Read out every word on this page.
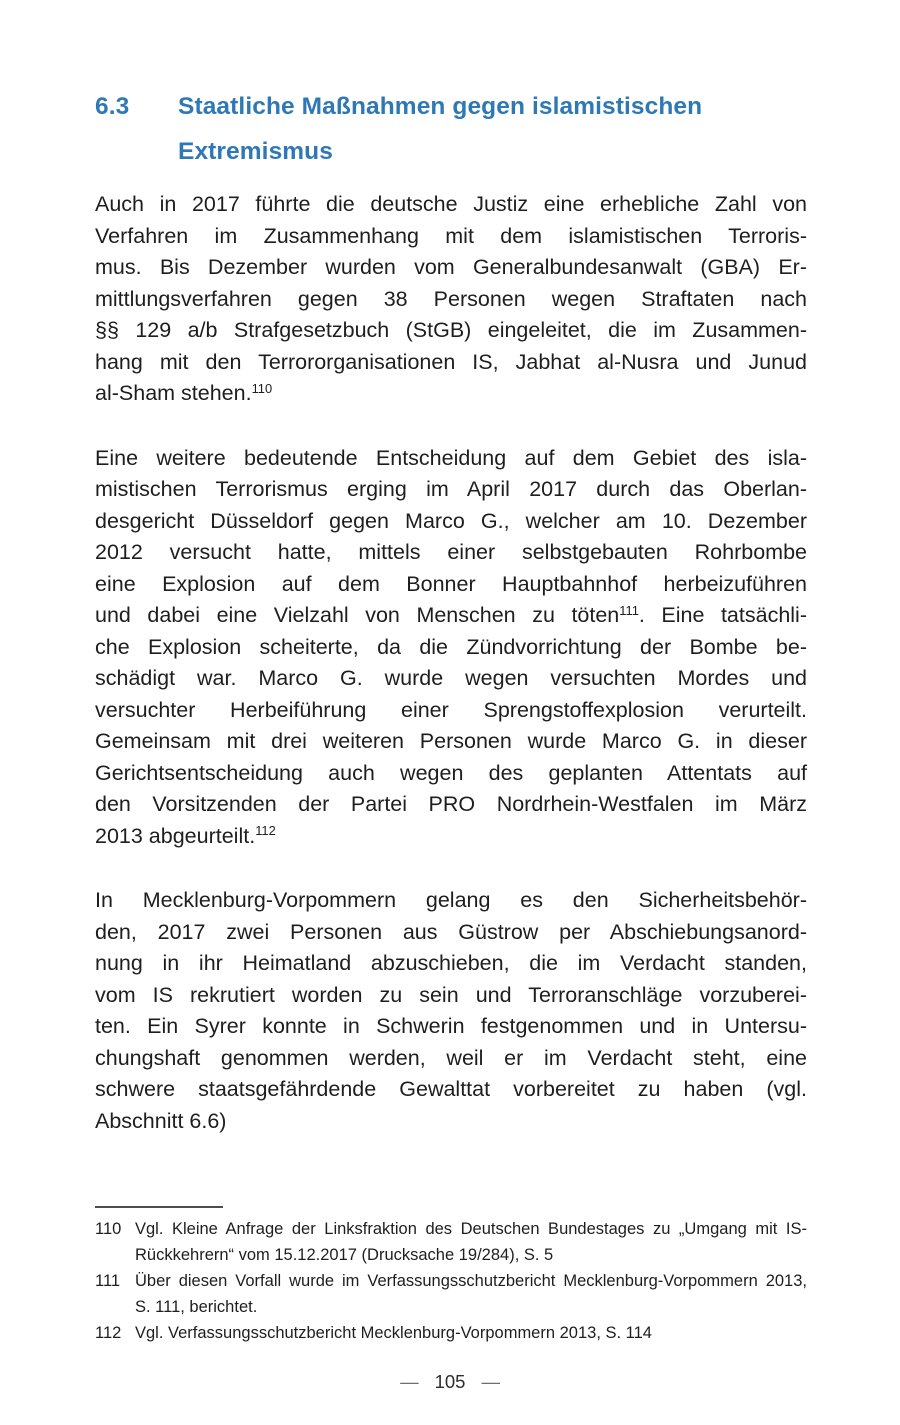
6.3 Staatliche Maßnahmen gegen islamistischen
Extremismus
Auch in 2017 führte die deutsche Justiz eine erhebliche Zahl von
Verfahren im Zusammenhang mit dem islamistischen Terroris-
mus. Bis Dezember wurden vom Generalbundesanwalt (GBA) Er-
mittlungsverfahren gegen 38 Personen wegen Straftaten nach
§§ 129 a/b Strafgesetzbuch (StGB) eingeleitet, die im Zusammen-
hang mit den Terrororganisationen IS, Jabhat al-Nusra und Junud
al-Sham stehen.$^{110}$
Eine weitere bedeutende Entscheidung auf dem Gebiet des isla-
mistischen Terrorismus erging im April 2017 durch das Oberlan-
desgericht Düsseldorf gegen Marco G., welcher am 10. Dezember
2012 versucht hatte, mittels einer selbstgebauten Rohrbombe
eine Explosion auf dem Bonner Hauptbahnhof herbeizuführen
und dabei eine Vielzahl von Menschen zu töten$^{111}$. Eine tatsächli-
che Explosion scheiterte, da die Zündvorrichtung der Bombe be-
schädigt war. Marco G. wurde wegen versuchten Mordes und
versuchter Herbeiführung einer Sprengstoffexplosion verurteilt.
Gemeinsam mit drei weiteren Personen wurde Marco G. in dieser
Gerichtsentscheidung auch wegen des geplanten Attentats auf
den Vorsitzenden der Partei PRO Nordrhein-Westfalen im März
2013 abgeurteilt.$^{112}$
In Mecklenburg-Vorpommern gelang es den Sicherheitsbehör-
den, 2017 zwei Personen aus Güstrow per Abschiebungsanord-
nung in ihr Heimatland abzuschieben, die im Verdacht standen,
vom IS rekrutiert worden zu sein und Terroranschläge vorzuberei-
ten. Ein Syrer konnte in Schwerin festgenommen und in Untersu-
chungshaft genommen werden, weil er im Verdacht steht, eine
schwere staatsgefährdende Gewalttat vorbereitet zu haben (vgl.
Abschnitt 6.6)
110 Vgl. Kleine Anfrage der Linksfraktion des Deutschen Bundestages zu „Umgang mit IS-
Rückkehrern“ vom 15.12.2017 (Drucksache 19/284), S. 5
111 Über diesen Vorfall wurde im Verfassungsschutzbericht Mecklenburg-Vorpommern 2013,
S. 111, berichtet.
112 Vgl. Verfassungsschutzbericht Mecklenburg-Vorpommern 2013, S. 114
— 105 —
